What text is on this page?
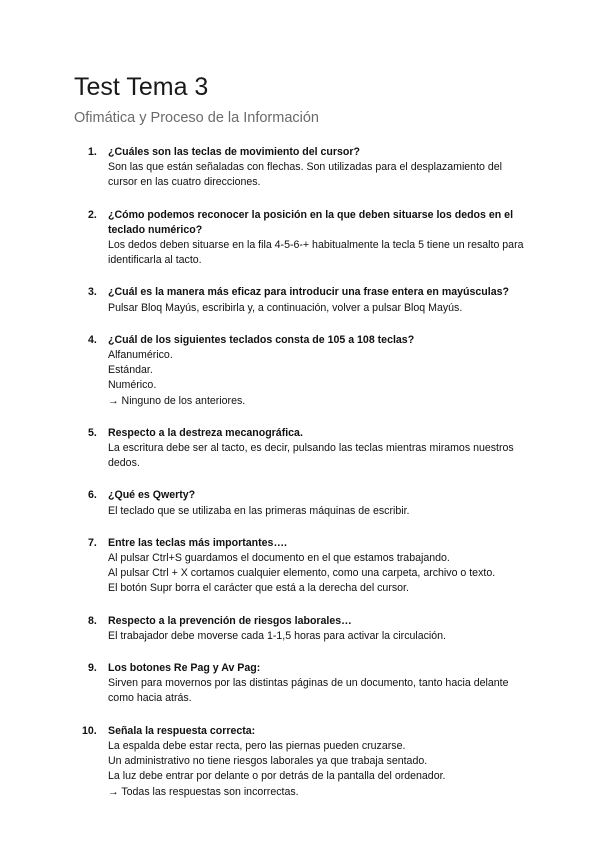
Test Tema 3

Ofimática y Proceso de la Información

1. ¿Cuáles son las teclas de movimiento del cursor?
Son las que están señaladas con flechas. Son utilizadas para el desplazamiento del cursor en las cuatro direcciones.
2. ¿Cómo podemos reconocer la posición en la que deben situarse los dedos en el teclado numérico?
Los dedos deben situarse en la fila 4-5-6-+ habitualmente la tecla 5 tiene un resalto para identificarla al tacto.
3. ¿Cuál es la manera más eficaz para introducir una frase entera en mayúsculas?
Pulsar Bloq Mayús, escribirla y, a continuación, volver a pulsar Bloq Mayús.
4. ¿Cuál de los siguientes teclados consta de 105 a 108 teclas?
Alfanumérico.
Estándar.
Numérico.
→ Ninguno de los anteriores.
5. Respecto a la destreza mecanográfica.
La escritura debe ser al tacto, es decir, pulsando las teclas mientras miramos nuestros dedos.
6. ¿Qué es Qwerty?
El teclado que se utilizaba en las primeras máquinas de escribir.
7. Entre las teclas más importantes….
Al pulsar Ctrl+S guardamos el documento en el que estamos trabajando.
Al pulsar Ctrl + X cortamos cualquier elemento, como una carpeta, archivo o texto.
El botón Supr borra el carácter que está a la derecha del cursor.
8. Respecto a la prevención de riesgos laborales…
El trabajador debe moverse cada 1-1,5 horas para activar la circulación.
9. Los botones Re Pag y Av Pag:
Sirven para movernos por las distintas páginas de un documento, tanto hacia delante como hacia atrás.
10. Señala la respuesta correcta:
La espalda debe estar recta, pero las piernas pueden cruzarse.
Un administrativo no tiene riesgos laborales ya que trabaja sentado.
La luz debe entrar por delante o por detrás de la pantalla del ordenador.
→ Todas las respuestas son incorrectas.
